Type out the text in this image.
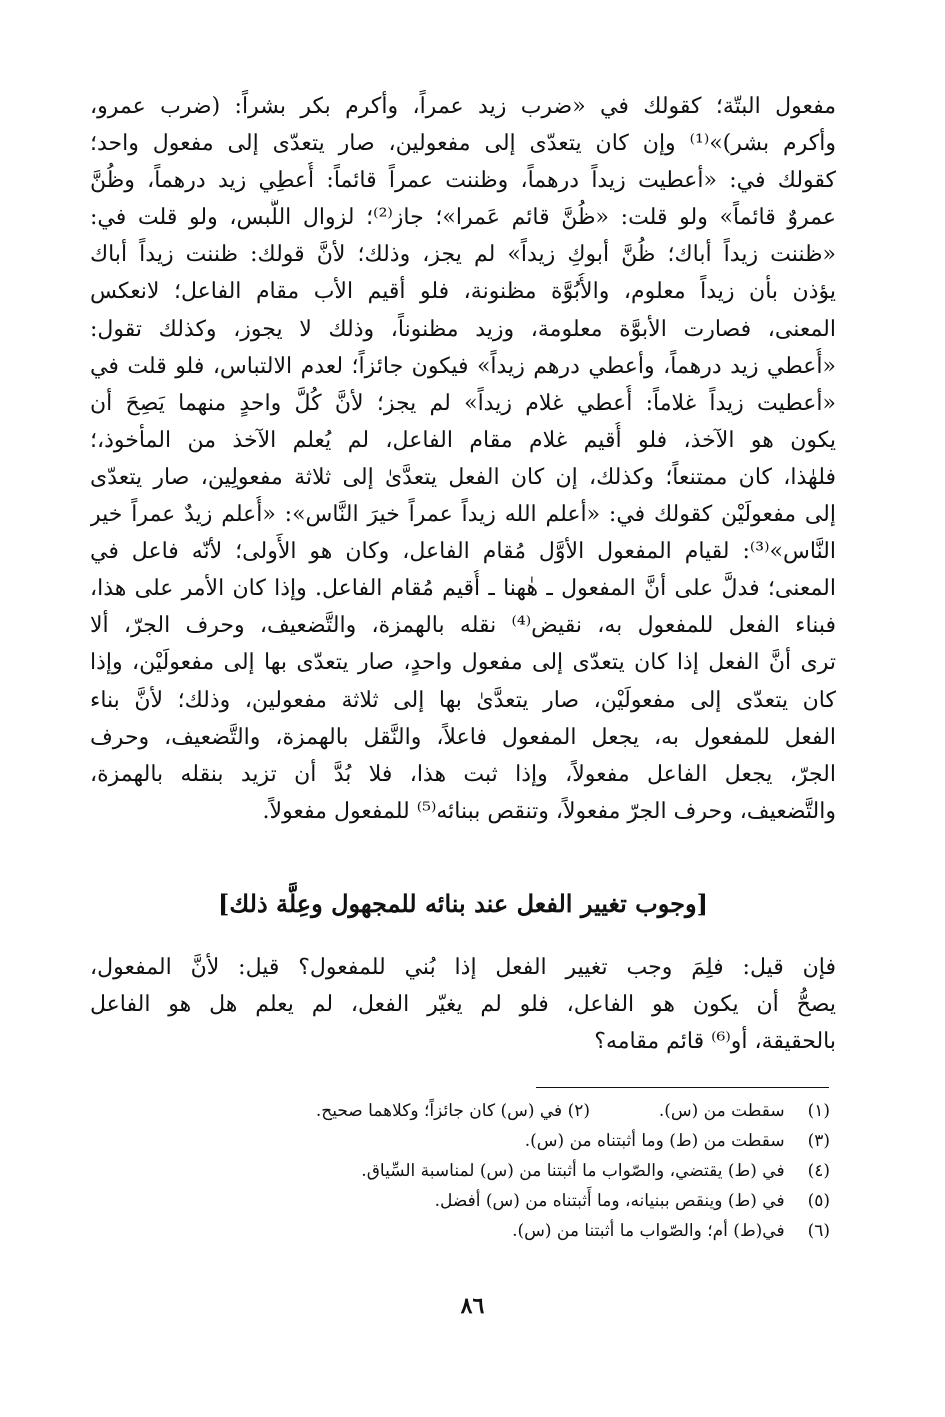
مفعول البتّة؛ كقولك في «ضرب زيد عمراً، وأكرم بكر بشراً: (ضرب عمرو،
وأكرم بشر)»⁽¹⁾ وإن كان يتعدّى إلى مفعولين، صار يتعدّى إلى مفعول واحد؛
كقولك في: «أعطيت زيداً درهماً، وظننت عمراً قائماً: أُعطِي زيد درهماً، وظُنَّ
عمروٌ قائماً» ولو قلت: «ظُنَّ قائم عَمرا»؛ جاز⁽²⁾؛ لزوال اللَّبس، ولو قلت في:
«ظننت زيداً أباك؛ ظُنَّ أبوكِ زيداً» لم يجز، وذلك؛ لأنَّ قولك: ظننت زيداً أباك
يؤذن بأن زيداً معلوم، والأُبُوَّة مظنونة، فلو أقيم الأب مقام الفاعل؛ لانعكس
المعنى، فصارت الأبوَّة معلومة، وزيد مظنوناً، وذلك لا يجوز، وكذلك تقول:
«أُعطي زيد درهماً، وأعطي درهم زيداً» فيكون جائزاً؛ لعدم الالتباس، فلو قلت في
«أعطيت زيداً غلاماً: أُعطي غلام زيداً» لم يجز؛ لأنَّ كُلَّ واحدٍ منهما يَصِحَ أن
يكون هو الآخذ، فلو أُقيم غلام مقام الفاعل، لم يُعلم الآخذ من المأخوذ،؛
فلهٰذا، كان ممتنعاً؛ وكذلك، إن كان الفعل يتعدَّىٰ إلى ثلاثة مفعولِين، صار يتعدّى
إلى مفعولَيْن كقولك في: «أعلم الله زيداً عمراً خيرَ النَّاس»: «أُعلم زيدٌ عمراً خير
النَّاس»⁽³⁾: لقيام المفعول الأوَّل مُقام الفاعل، وكان هو الأَولى؛ لأنّه فاعل في
المعنى؛ فدلَّ على أنَّ المفعول ـ هٰهنا ـ أُقيم مُقام الفاعل. وإذا كان الأمر على هذا،
فبناء الفعل للمفعول به، نقيض⁽⁴⁾ نقله بالهمزة، والتَّضعيف، وحرف الجرّ، ألا
ترى أنَّ الفعل إذا كان يتعدّى إلى مفعول واحدٍ، صار يتعدّى بها إلى مفعولَيْن، وإذا
كان يتعدّى إلى مفعولَيْن، صار يتعدَّىٰ بها إلى ثلاثة مفعولين، وذلك؛ لأنَّ بناء
الفعل للمفعول به، يجعل المفعول فاعلاً، والنَّقل بالهمزة، والتَّضعيف، وحرف
الجرّ، يجعل الفاعل مفعولاً، وإذا ثبت هذا، فلا بُدَّ أن تزيد بنقله بالهمزة،
والتَّضعيف، وحرف الجرّ مفعولاً، وتنقص ببنائه⁽⁵⁾ للمفعول مفعولاً.
[وجوب تغيير الفعل عند بنائه للمجهول وعِلَّة ذلك]
فإن قيل: فلِمَ وجب تغيير الفعل إذا بُني للمفعول؟ قيل: لأنَّ المفعول،
يصحُّ أن يكون هو الفاعل، فلو لم يغيّر الفعل، لم يعلم هل هو الفاعل
بالحقيقة، أو⁽⁶⁾ قائم مقامه؟
(١) سقطت من (س).  (٢) في (س) كان جائزاً؛ وكلاهما صحيح.
(٣) سقطت من (ط) وما أثبتناه من (س).
(٤) في (ط) يقتضي، والصّواب ما أثبتنا من (س) لمناسبة السِّياق.
(٥) في (ط) وينقص ببنيانه، وما أَثبتناه من (س) أفضل.
(٦) في(ط) أم؛ والصّواب ما أثبتنا من (س).
٨٦
